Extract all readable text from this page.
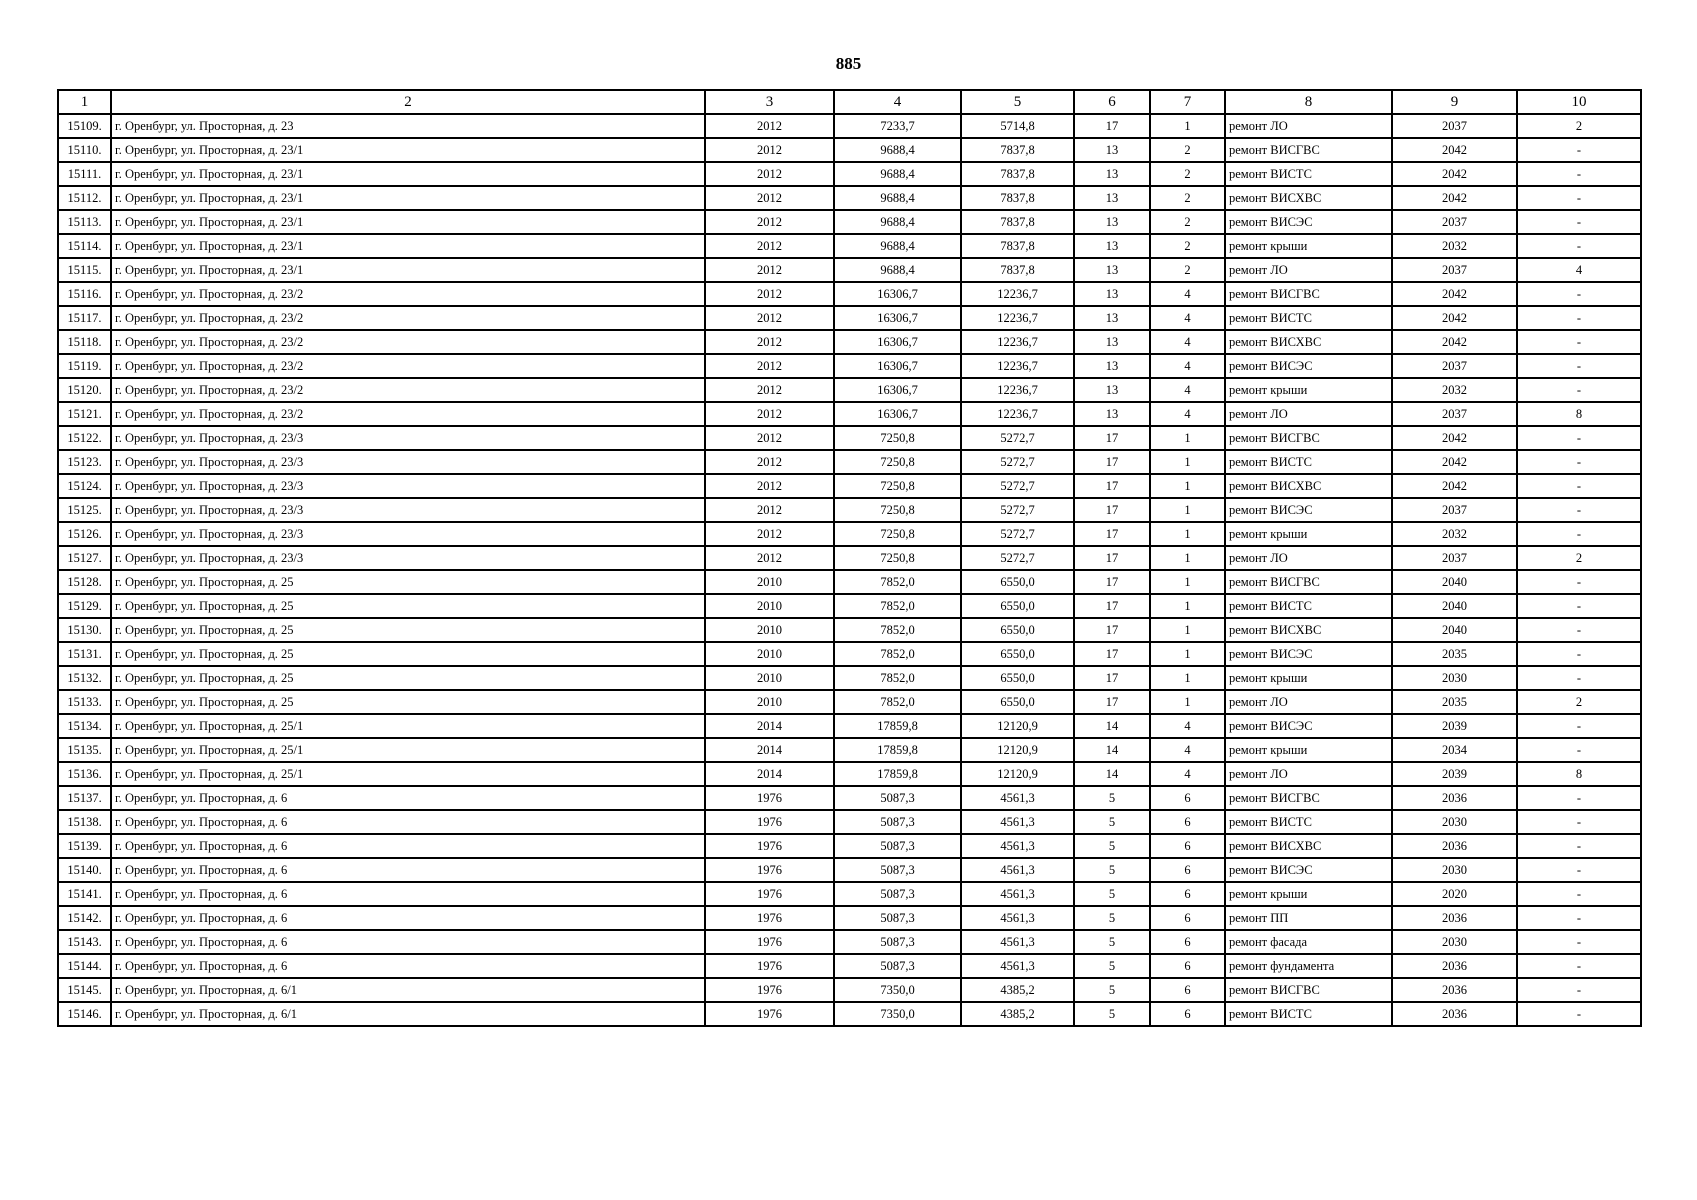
885
1	2	3	4	5	6	7	8	9	10
15109.	г. Оренбург, ул. Просторная, д. 23	2012	7233,7	5714,8	17	1	ремонт ЛО	2037	2
15110.	г. Оренбург, ул. Просторная, д. 23/1	2012	9688,4	7837,8	13	2	ремонт ВИСГВС	2042	-
15111.	г. Оренбург, ул. Просторная, д. 23/1	2012	9688,4	7837,8	13	2	ремонт ВИСТС	2042	-
15112.	г. Оренбург, ул. Просторная, д. 23/1	2012	9688,4	7837,8	13	2	ремонт ВИСХВС	2042	-
15113.	г. Оренбург, ул. Просторная, д. 23/1	2012	9688,4	7837,8	13	2	ремонт ВИСЭС	2037	-
15114.	г. Оренбург, ул. Просторная, д. 23/1	2012	9688,4	7837,8	13	2	ремонт крыши	2032	-
15115.	г. Оренбург, ул. Просторная, д. 23/1	2012	9688,4	7837,8	13	2	ремонт ЛО	2037	4
15116.	г. Оренбург, ул. Просторная, д. 23/2	2012	16306,7	12236,7	13	4	ремонт ВИСГВС	2042	-
15117.	г. Оренбург, ул. Просторная, д. 23/2	2012	16306,7	12236,7	13	4	ремонт ВИСТС	2042	-
15118.	г. Оренбург, ул. Просторная, д. 23/2	2012	16306,7	12236,7	13	4	ремонт ВИСХВС	2042	-
15119.	г. Оренбург, ул. Просторная, д. 23/2	2012	16306,7	12236,7	13	4	ремонт ВИСЭС	2037	-
15120.	г. Оренбург, ул. Просторная, д. 23/2	2012	16306,7	12236,7	13	4	ремонт крыши	2032	-
15121.	г. Оренбург, ул. Просторная, д. 23/2	2012	16306,7	12236,7	13	4	ремонт ЛО	2037	8
15122.	г. Оренбург, ул. Просторная, д. 23/3	2012	7250,8	5272,7	17	1	ремонт ВИСГВС	2042	-
15123.	г. Оренбург, ул. Просторная, д. 23/3	2012	7250,8	5272,7	17	1	ремонт ВИСТС	2042	-
15124.	г. Оренбург, ул. Просторная, д. 23/3	2012	7250,8	5272,7	17	1	ремонт ВИСХВС	2042	-
15125.	г. Оренбург, ул. Просторная, д. 23/3	2012	7250,8	5272,7	17	1	ремонт ВИСЭС	2037	-
15126.	г. Оренбург, ул. Просторная, д. 23/3	2012	7250,8	5272,7	17	1	ремонт крыши	2032	-
15127.	г. Оренбург, ул. Просторная, д. 23/3	2012	7250,8	5272,7	17	1	ремонт ЛО	2037	2
15128.	г. Оренбург, ул. Просторная, д. 25	2010	7852,0	6550,0	17	1	ремонт ВИСГВС	2040	-
15129.	г. Оренбург, ул. Просторная, д. 25	2010	7852,0	6550,0	17	1	ремонт ВИСТС	2040	-
15130.	г. Оренбург, ул. Просторная, д. 25	2010	7852,0	6550,0	17	1	ремонт ВИСХВС	2040	-
15131.	г. Оренбург, ул. Просторная, д. 25	2010	7852,0	6550,0	17	1	ремонт ВИСЭС	2035	-
15132.	г. Оренбург, ул. Просторная, д. 25	2010	7852,0	6550,0	17	1	ремонт крыши	2030	-
15133.	г. Оренбург, ул. Просторная, д. 25	2010	7852,0	6550,0	17	1	ремонт ЛО	2035	2
15134.	г. Оренбург, ул. Просторная, д. 25/1	2014	17859,8	12120,9	14	4	ремонт ВИСЭС	2039	-
15135.	г. Оренбург, ул. Просторная, д. 25/1	2014	17859,8	12120,9	14	4	ремонт крыши	2034	-
15136.	г. Оренбург, ул. Просторная, д. 25/1	2014	17859,8	12120,9	14	4	ремонт ЛО	2039	8
15137.	г. Оренбург, ул. Просторная, д. 6	1976	5087,3	4561,3	5	6	ремонт ВИСГВС	2036	-
15138.	г. Оренбург, ул. Просторная, д. 6	1976	5087,3	4561,3	5	6	ремонт ВИСТС	2030	-
15139.	г. Оренбург, ул. Просторная, д. 6	1976	5087,3	4561,3	5	6	ремонт ВИСХВС	2036	-
15140.	г. Оренбург, ул. Просторная, д. 6	1976	5087,3	4561,3	5	6	ремонт ВИСЭС	2030	-
15141.	г. Оренбург, ул. Просторная, д. 6	1976	5087,3	4561,3	5	6	ремонт крыши	2020	-
15142.	г. Оренбург, ул. Просторная, д. 6	1976	5087,3	4561,3	5	6	ремонт ПП	2036	-
15143.	г. Оренбург, ул. Просторная, д. 6	1976	5087,3	4561,3	5	6	ремонт фасада	2030	-
15144.	г. Оренбург, ул. Просторная, д. 6	1976	5087,3	4561,3	5	6	ремонт фундамента	2036	-
15145.	г. Оренбург, ул. Просторная, д. 6/1	1976	7350,0	4385,2	5	6	ремонт ВИСГВС	2036	-
15146.	г. Оренбург, ул. Просторная, д. 6/1	1976	7350,0	4385,2	5	6	ремонт ВИСТС	2036	-
